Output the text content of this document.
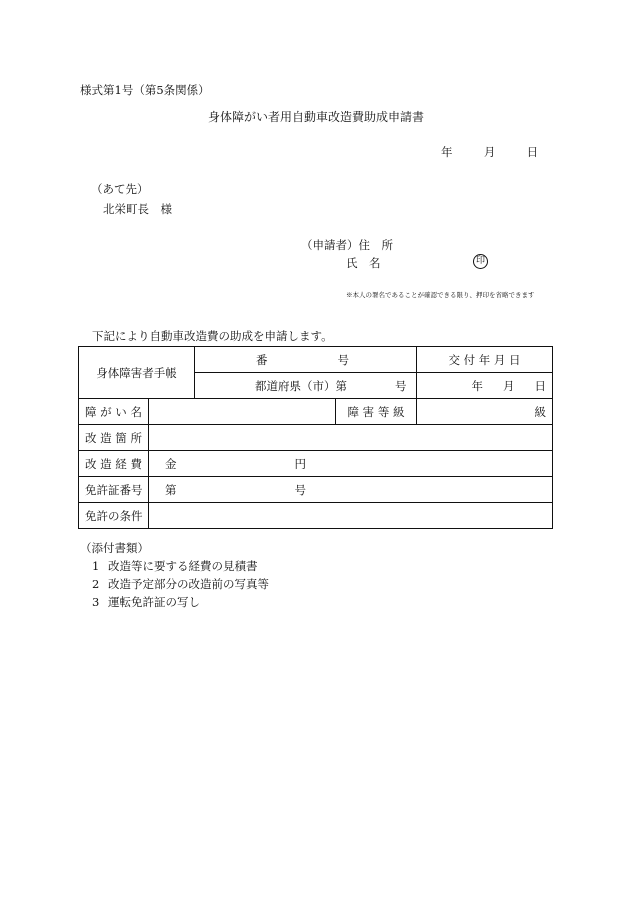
様式第1号（第5条関係）
身体障がい者用自動車改造費助成申請書
年	月	日
（あて先）
北栄町長　様
（申請者）住　所
氏　名	印
※本人の署名であることが確認できる限り、押印を省略できます
下記により自動車改造費の助成を申請します。
身体障害者手帳		番 号		交 付 年 月 日
		都道府県（市）第 号		年 月 日
障 が い 名			障 害 等 級	級
改 造 箇 所				
改 造 経 費	金 円			
免許証番号	第 号			
免許の条件				
（添付書類）
1 改造等に要する経費の見積書
2 改造予定部分の改造前の写真等
3 運転免許証の写し
